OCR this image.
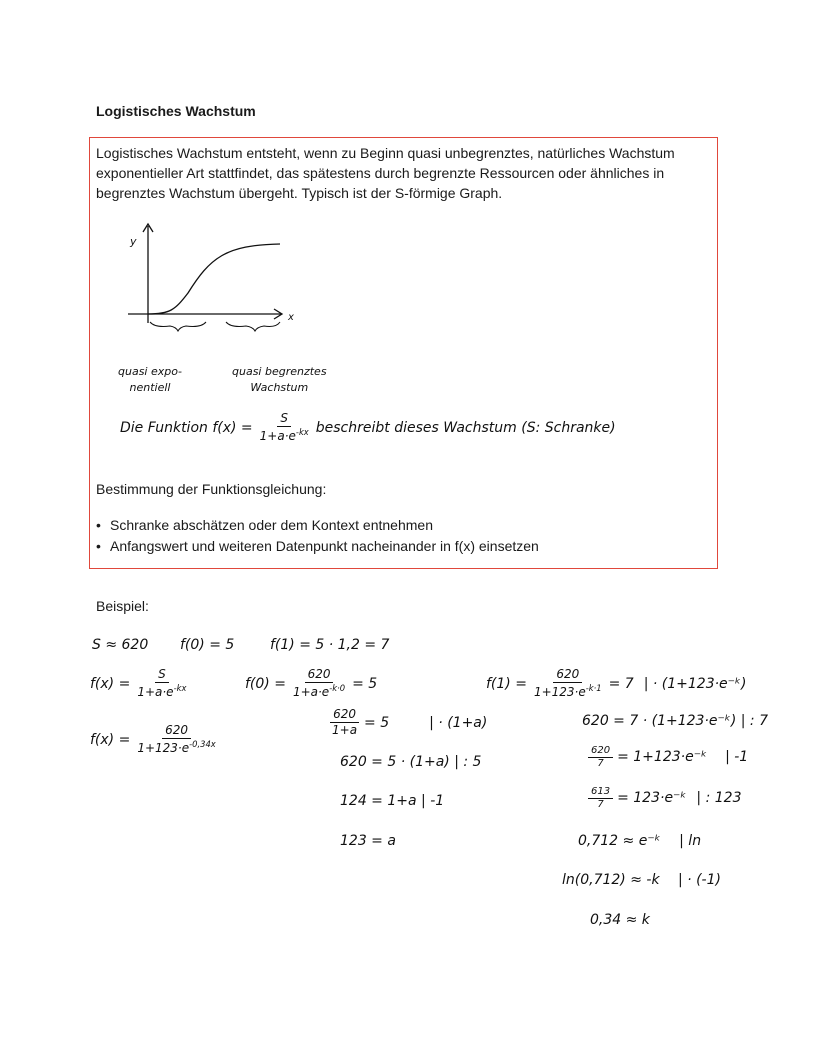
Logistisches Wachstum
Logistisches Wachstum entsteht, wenn zu Beginn quasi unbegrenztes, natürliches Wachstum exponentieller Art stattfindet, das spätestens durch begrenzte Ressourcen oder ähnliches in begrenztes Wachstum übergeht. Typisch ist der S-förmige Graph.
y
x
quasi expo-
nentiell
quasi begrenztes
Wachstum
Die Funktion $f(x) = \frac{S}{1+a\cdot e^{-kx}}$ beschreibt dieses Wachstum (S: Schranke)
Bestimmung der Funktionsgleichung:
• Schranke abschätzen oder dem Kontext entnehmen
• Anfangswert und weiteren Datenpunkt nacheinander in f(x) einsetzen
Beispiel:
S ≈ 620 f(0) = 5	f(1) = 5 · 1,2 = 7
$f(x) = \frac{S}{1+a\cdot e^{-kx}}$
$f(x) = \frac{620}{1+123\cdot e^{-0,34x}}$
$f(0) = \frac{620}{1+a\cdot e^{-k\cdot 0}} = 5$
$\frac{620}{1+a} = 5$	| · (1+a)
620 = 5 · (1+a) | : 5
124 = 1+a | -1
123 = a
$f(1) = \frac{620}{1+123\cdot e^{-k\cdot 1}} = 7$ | · (1+123·e⁻ᵏ)
620 = 7 · (1+123·e⁻ᵏ) | : 7
$\frac{620}{7}$ = 1+123·e⁻ᵏ | -1
$\frac{613}{7}$ = 123·e⁻ᵏ | : 123
0,712 ≈ e⁻ᵏ | ln
ln(0,712) ≈ -k | · (-1)
0,34 ≈ k
